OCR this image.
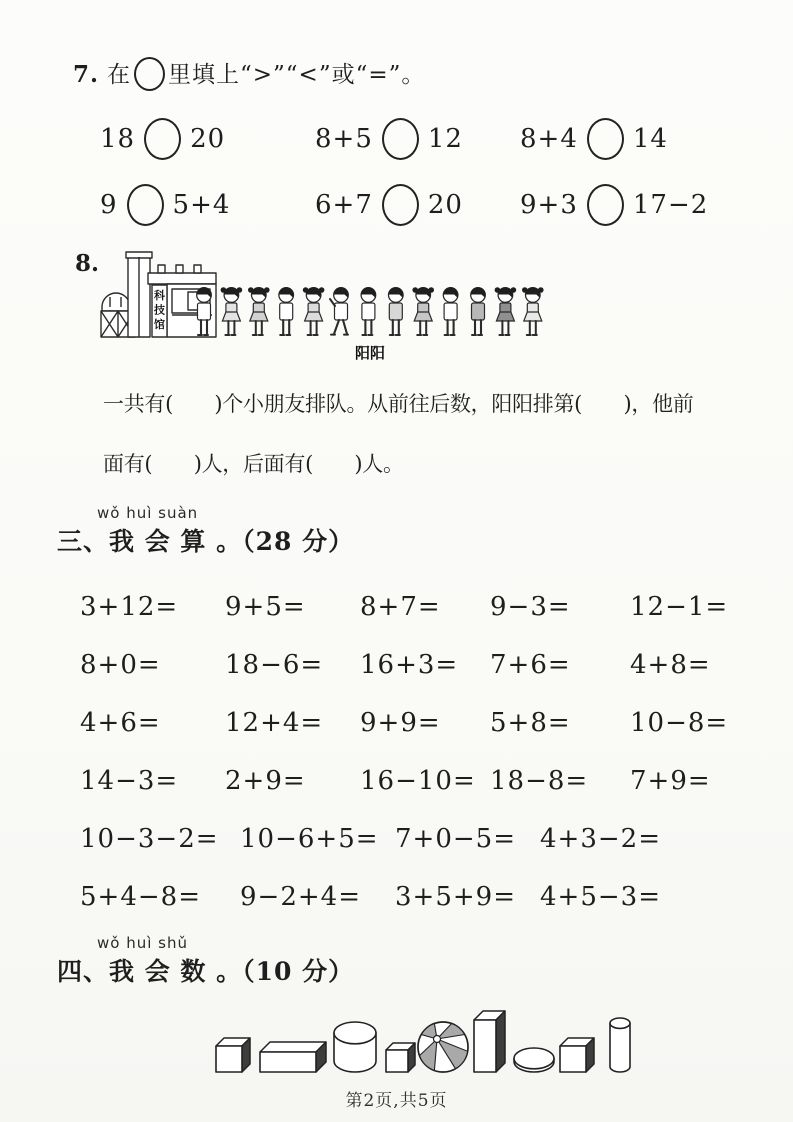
7. 在 里填上“>”“<”或“=”。
18 20	8+5 12 8+4 14
9 5+4	6+7 20 9+3 17−2
8.
科技馆
阳阳
一共有(　　)个小朋友排队。从前往后数，阳阳排第(　　)，他前
面有(　　)人，后面有(　　)人。
wǒ huì suàn
三、我 会 算 。（28 分）
3+12=	9+5=	8+7=	9−3=	12−1=
8+0=	18−6=	16+3=	7+6=	4+8=
4+6=	12+4=	9+9=	5+8=	10−8=
14−3=	2+9=	16−10= 18−8=	7+9=
10−3−2= 10−6+5= 7+0−5= 4+3−2=
5+4−8=	9−2+4=	3+5+9= 4+5−3=
wǒ huì shǔ
四、我 会 数 。（10 分）
第2页,共5页
